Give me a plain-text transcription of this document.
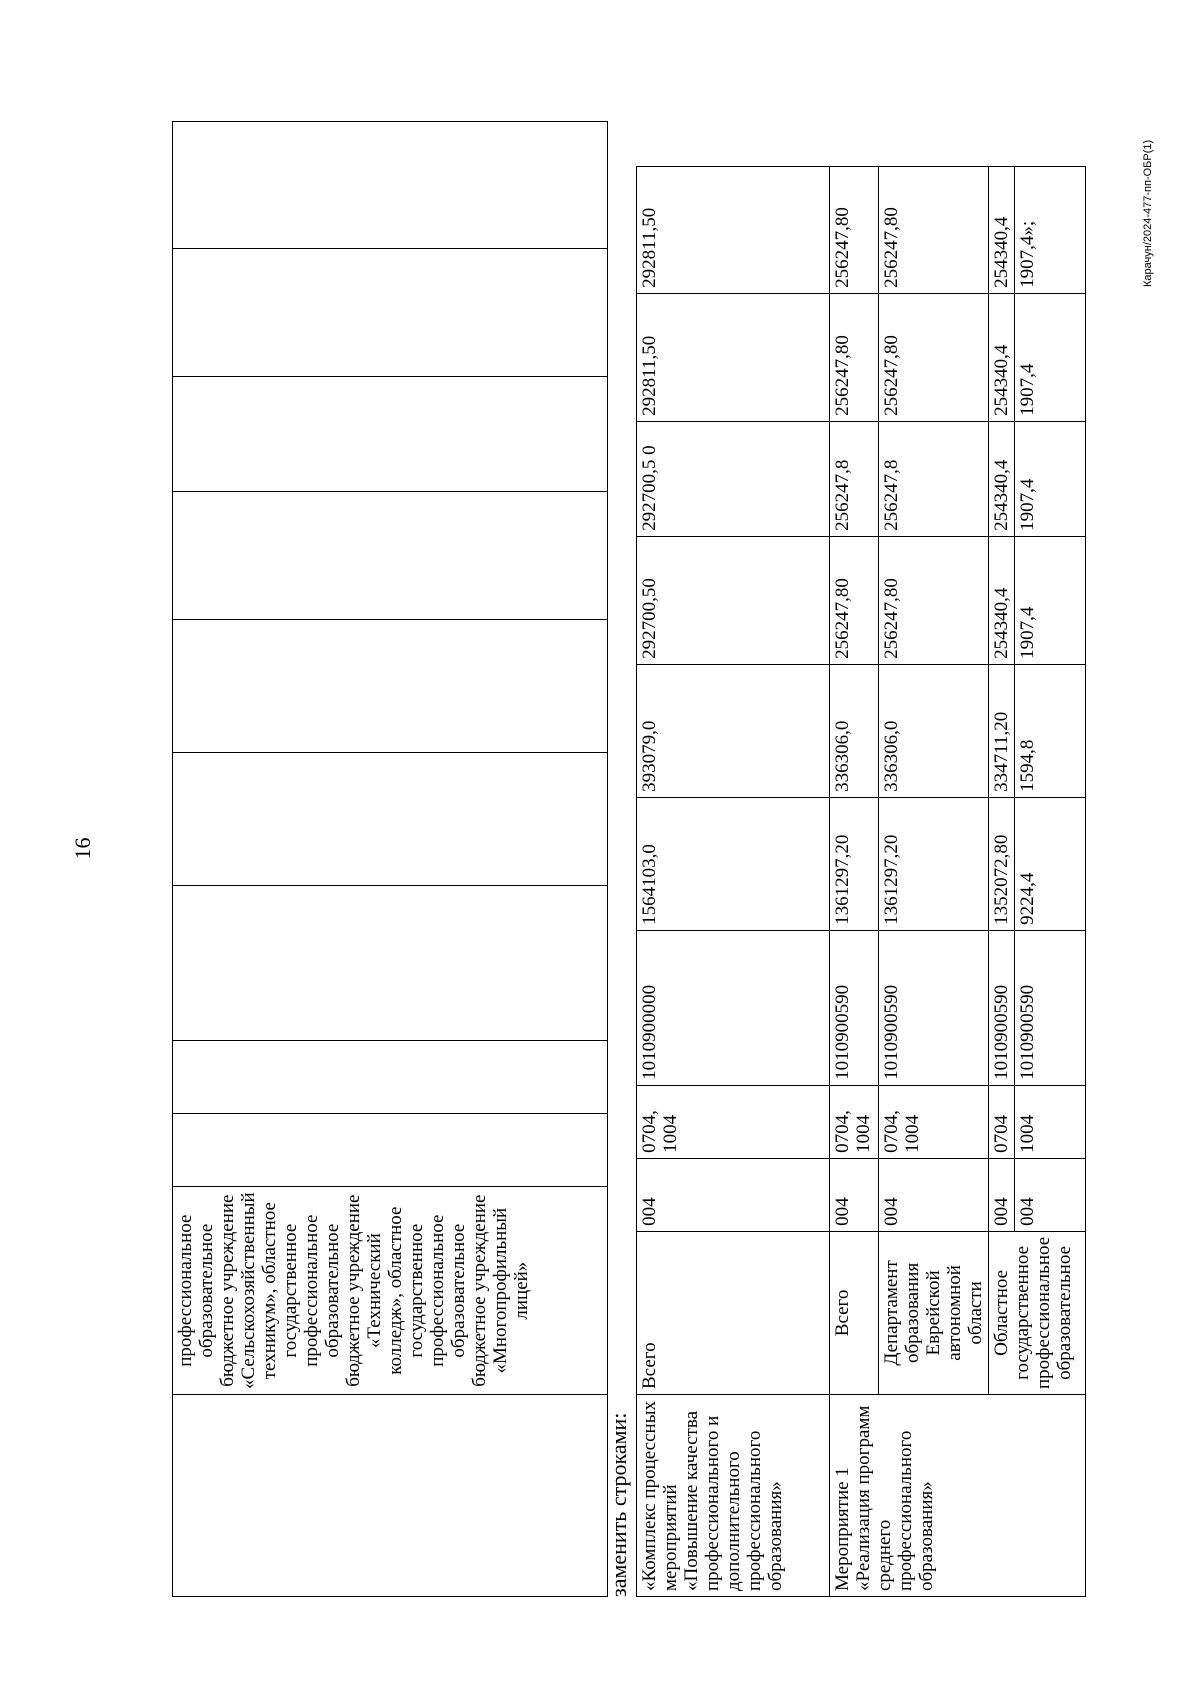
16
	профессиональное образовательное бюджетное учреждение «Сельскохозяйственный техникум», областное государственное профессиональное образовательное бюджетное учреждение «Технический колледж», областное государственное профессиональное образовательное бюджетное учреждение «Многопрофильный лицей»									
заменить строками: «Комплекс процессных мероприятий «Повышение качества профессионального и дополнительного профессионального образования»	Всего	004	0704, 1004	1010900000	1564103,0	393079,0	292700,50	292700,5 0	292811,50	292811,50
Мероприятие 1 «Реализация программ среднего профессионального образования»	Всего	004	0704, 1004	1010900590	1361297,20	336306,0	256247,80	256247,8	256247,80	256247,80
	Департамент образования Еврейской автономной области	004	0704, 1004	1010900590	1361297,20	336306,0	256247,80	256247,8	256247,80	256247,80
	Областное государственное профессиональное образовательное	004	0704	1010900590	1352072,80	334711,20	254340,4	254340,4	254340,4	254340,4
		004	1004	1010900590	9224,4	1594,8	1907,4	1907,4	1907,4	1907,4»;	Карачун/2024-477-пп-ОБР(1)
